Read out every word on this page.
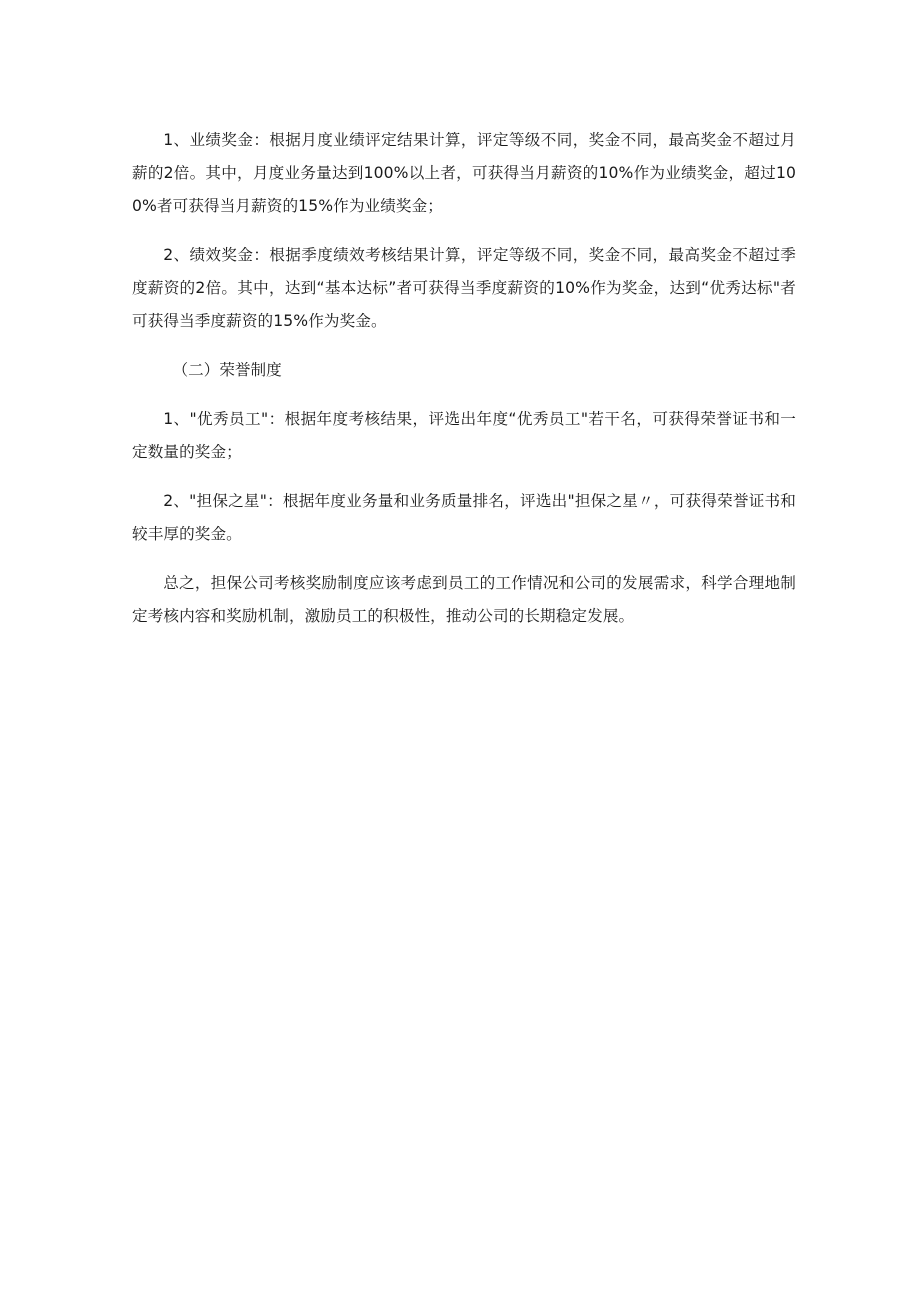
1、业绩奖金：根据月度业绩评定结果计算，评定等级不同，奖金不同，最高奖金不超过月薪的2倍。其中，月度业务量达到100%以上者，可获得当月薪资的10%作为业绩奖金，超过100%者可获得当月薪资的15%作为业绩奖金；

2、绩效奖金：根据季度绩效考核结果计算，评定等级不同，奖金不同，最高奖金不超过季度薪资的2倍。其中，达到“基本达标”者可获得当季度薪资的10%作为奖金，达到“优秀达标"者可获得当季度薪资的15%作为奖金。

（二）荣誉制度

1、"优秀员工"：根据年度考核结果，评选出年度“优秀员工"若干名，可获得荣誉证书和一定数量的奖金；

2、"担保之星"：根据年度业务量和业务质量排名，评选出"担保之星〃，可获得荣誉证书和较丰厚的奖金。

总之，担保公司考核奖励制度应该考虑到员工的工作情况和公司的发展需求，科学合理地制定考核内容和奖励机制，激励员工的积极性，推动公司的长期稳定发展。
